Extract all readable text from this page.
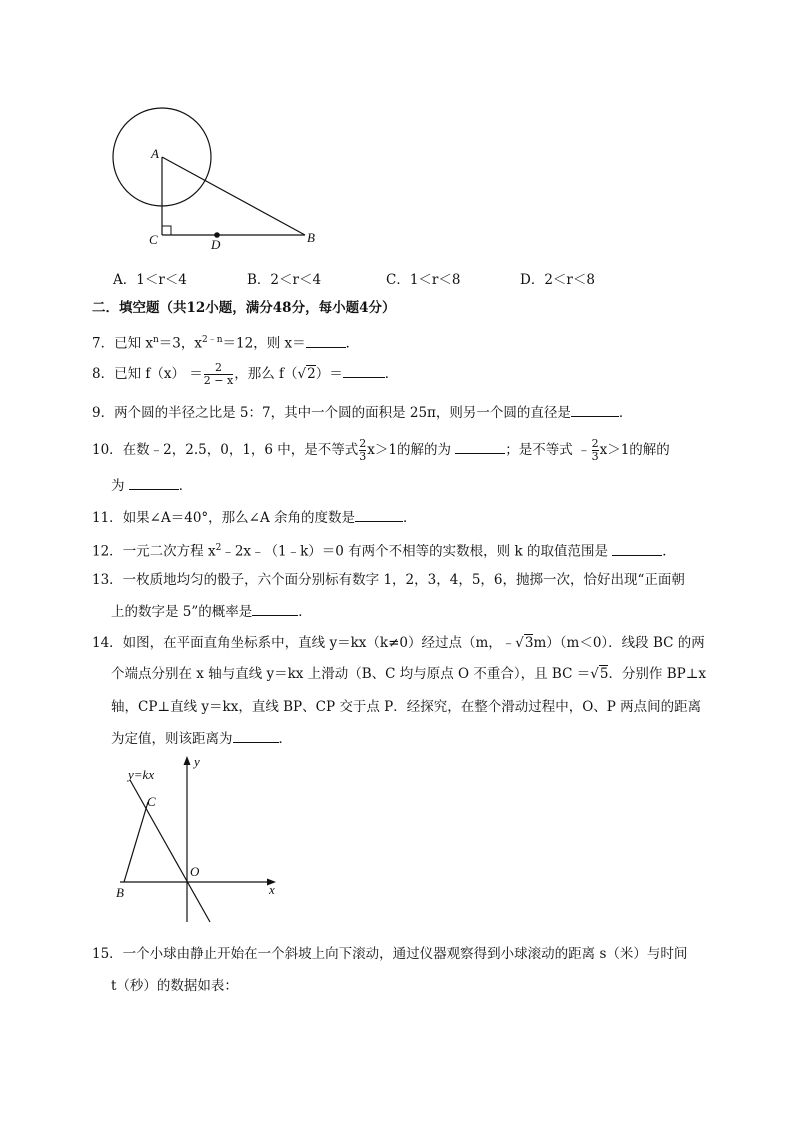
A
C	D	B
A．1＜r＜4	B．2＜r＜4	C．1＜r＜8	D．2＜r＜8
二．填空题（共12小题，满分48分，每小题4分）
7．已知 $x^n=3$，$x^{2﹣n}=12$，则 x＝	．
8．已知 $f(x) = \frac{2}{2 - x}$ ，那么 f（√2）＝	．
9．两个圆的半径之比是 5：7，其中一个圆的面积是 25π，则另一个圆的直径是	．
10．在数﹣2，2.5，0，1，6 中，是不等式 $\frac{2}{3} x>1$的解的为	；是不等式 ﹣ $\frac{2}{3} x>1$的解的
为	．
11．如果∠A＝40°，那么∠A 余角的度数是	．
12．一元二次方程 $x^2﹣2x﹣(1﹣k)=0$ 有两个不相等的实数根，则 k 的取值范围是	．
13．一枚质地均匀的骰子，六个面分别标有数字 1，2，3，4，5，6，抛掷一次，恰好出现“正面朝
上的数字是 5”的概率是	．
14．如图，在平面直角坐标系中，直线 y＝kx（k≠0）经过点（m，﹣√3m）（m＜0）．线段 BC 的两
个端点分别在 x 轴与直线 y＝kx 上滑动（B、C 均与原点 O 不重合），且 BC ＝√5．分别作 BP⊥x
轴，CP⊥直线 y＝kx，直线 BP、CP 交于点 P．经探究，在整个滑动过程中，O、P 两点间的距离
为定值，则该距离为	．
y=kx
y
C
O
B	x
15．一个小球由静止开始在一个斜坡上向下滚动，通过仪器观察得到小球滚动的距离 s（米）与时间
t（秒）的数据如表：
